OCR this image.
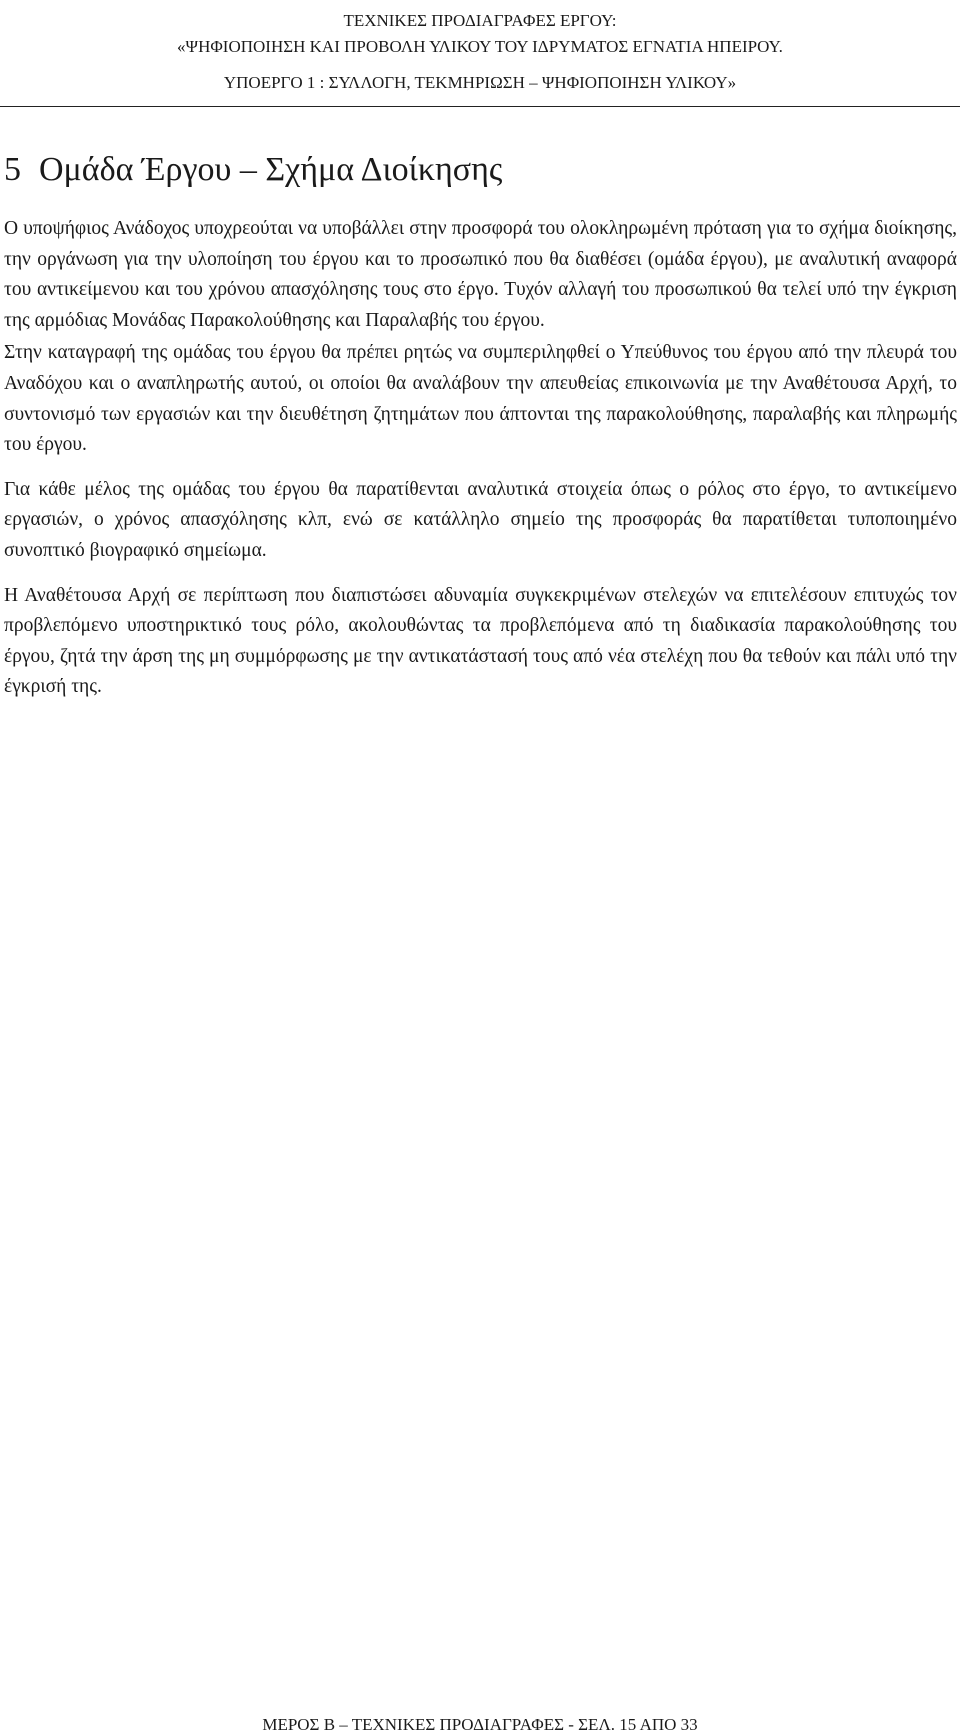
ΤΕΧΝΙΚΕΣ ΠΡΟΔΙΑΓΡΑΦΕΣ ΕΡΓΟΥ:
«ΨΗΦΙΟΠΟΙΗΣΗ ΚΑΙ ΠΡΟΒΟΛΗ ΥΛΙΚΟΥ ΤΟΥ ΙΔΡΥΜΑΤΟΣ ΕΓΝΑΤΙΑ ΗΠΕΙΡΟΥ.
ΥΠΟΕΡΓΟ 1 : ΣΥΛΛΟΓΗ, ΤΕΚΜΗΡΙΩΣΗ – ΨΗΦΙΟΠΟΙΗΣΗ ΥΛΙΚΟΥ»
5 Ομάδα Έργου – Σχήμα Διοίκησης

Ο υποψήφιος Ανάδοχος υποχρεούται να υποβάλλει στην προσφορά του ολοκληρωμένη πρόταση για το σχήμα διοίκησης, την οργάνωση για την υλοποίηση του έργου και το προσωπικό που θα διαθέσει (ομάδα έργου), με αναλυτική αναφορά του αντικείμενου και του χρόνου απασχόλησης τους στο έργο. Τυχόν αλλαγή του προσωπικού θα τελεί υπό την έγκριση της αρμόδιας Μονάδας Παρακολούθησης και Παραλαβής του έργου.

Στην καταγραφή της ομάδας του έργου θα πρέπει ρητώς να συμπεριληφθεί ο Υπεύθυνος του έργου από την πλευρά του Αναδόχου και ο αναπληρωτής αυτού, οι οποίοι θα αναλάβουν την απευθείας επικοινωνία με την Αναθέτουσα Αρχή, το συντονισμό των εργασιών και την διευθέτηση ζητημάτων που άπτονται της παρακολούθησης, παραλαβής και πληρωμής του έργου.

Για κάθε μέλος της ομάδας του έργου θα παρατίθενται αναλυτικά στοιχεία όπως ο ρόλος στο έργο, το αντικείμενο εργασιών, ο χρόνος απασχόλησης κλπ, ενώ σε κατάλληλο σημείο της προσφοράς θα παρατίθεται τυποποιημένο συνοπτικό βιογραφικό σημείωμα.

Η Αναθέτουσα Αρχή σε περίπτωση που διαπιστώσει αδυναμία συγκεκριμένων στελεχών να επιτελέσουν επιτυχώς τον προβλεπόμενο υποστηρικτικό τους ρόλο, ακολουθώντας τα προβλεπόμενα από τη διαδικασία παρακολούθησης του έργου, ζητά την άρση της μη συμμόρφωσης με την αντικατάστασή τους από νέα στελέχη που θα τεθούν και πάλι υπό την έγκρισή της.

ΜΕΡΟΣ Β – ΤΕΧΝΙΚΕΣ ΠΡΟΔΙΑΓΡΑΦΕΣ - ΣΕΛ. 15 ΑΠΟ 33
